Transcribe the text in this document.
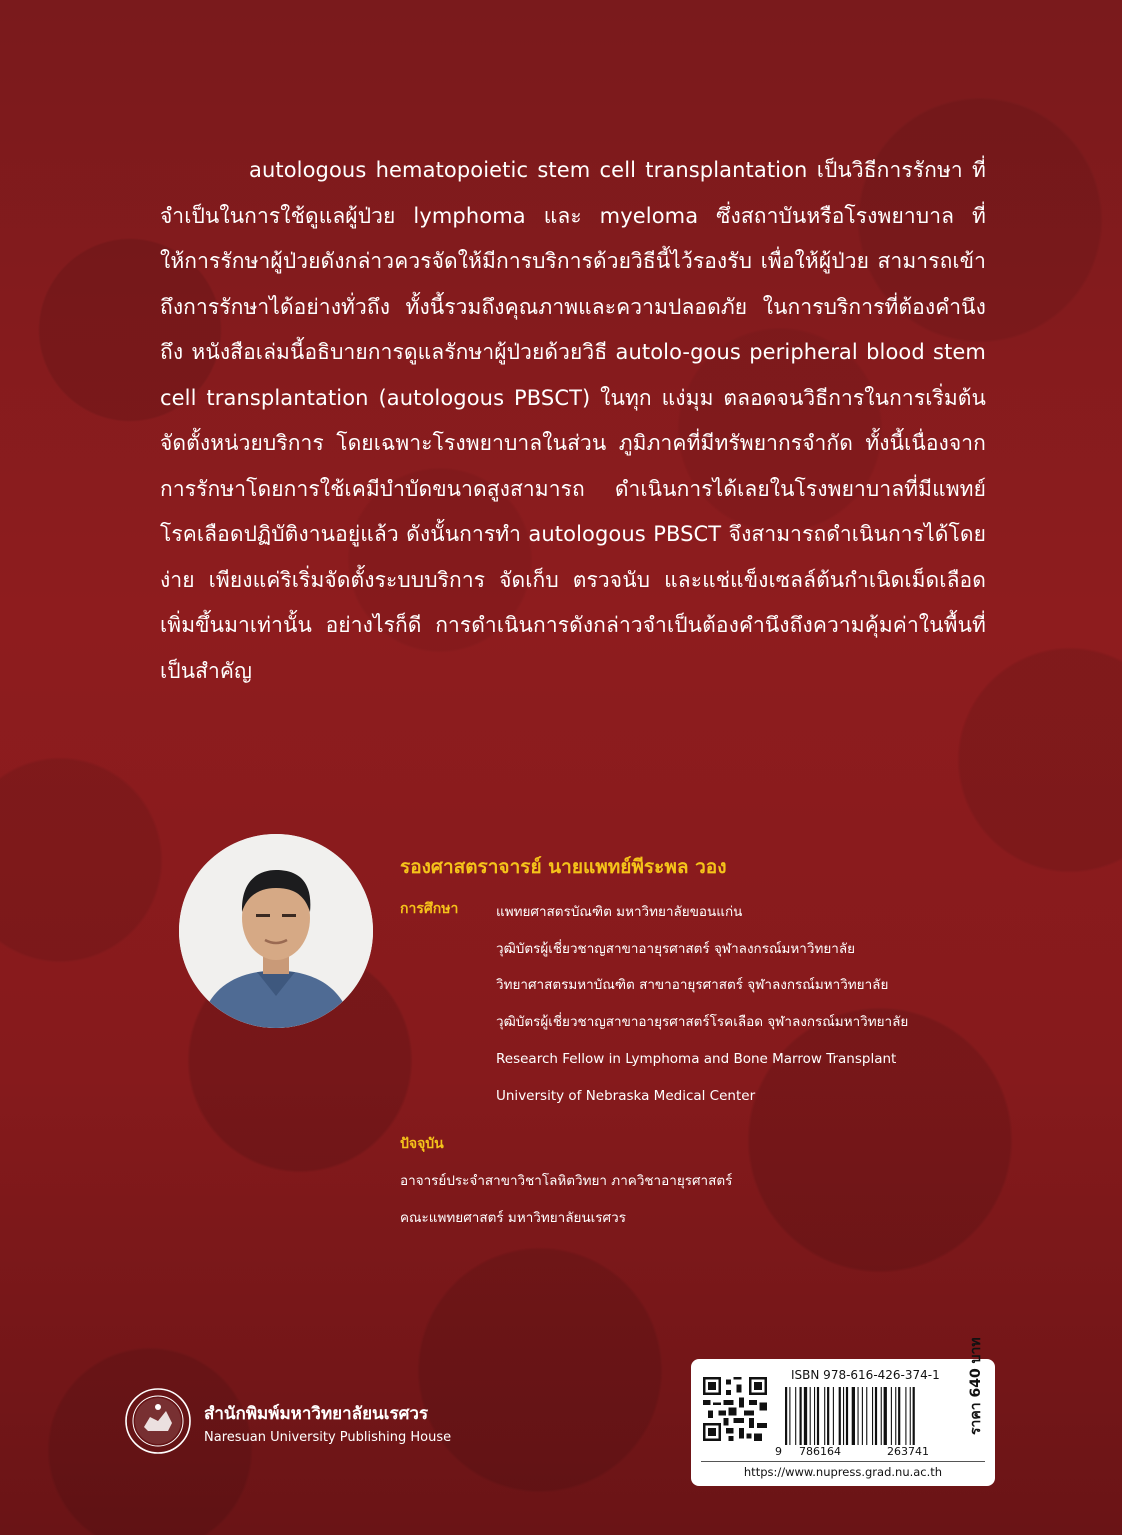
autologous hematopoietic stem cell transplantation เป็นวิธีการรักษา ที่จำเป็นในการใช้ดูแลผู้ป่วย lymphoma และ myeloma ซึ่งสถาบันหรือโรงพยาบาล ที่ให้การรักษาผู้ป่วยดังกล่าวควรจัดให้มีการบริการด้วยวิธีนี้ไว้รองรับ เพื่อให้ผู้ป่วย สามารถเข้าถึงการรักษาได้อย่างทั่วถึง ทั้งนี้รวมถึงคุณภาพและความปลอดภัย ในการบริการที่ต้องคำนึงถึง หนังสือเล่มนี้อธิบายการดูแลรักษาผู้ป่วยด้วยวิธี autolo-gous peripheral blood stem cell transplantation (autologous PBSCT) ในทุก แง่มุม ตลอดจนวิธีการในการเริ่มต้นจัดตั้งหน่วยบริการ โดยเฉพาะโรงพยาบาลในส่วน ภูมิภาคที่มีทรัพยากรจำกัด ทั้งนี้เนื่องจากการรักษาโดยการใช้เคมีบำบัดขนาดสูงสามารถ ดำเนินการได้เลยในโรงพยาบาลที่มีแพทย์โรคเลือดปฏิบัติงานอยู่แล้ว ดังนั้นการทำ autologous PBSCT จึงสามารถดำเนินการได้โดยง่าย เพียงแค่ริเริ่มจัดตั้งระบบบริการ จัดเก็บ ตรวจนับ และแช่แข็งเซลล์ต้นกำเนิดเม็ดเลือดเพิ่มขึ้นมาเท่านั้น อย่างไรก็ดี การดำเนินการดังกล่าวจำเป็นต้องคำนึงถึงความคุ้มค่าในพื้นที่เป็นสำคัญ
รองศาสตราจารย์ นายแพทย์พีระพล วอง
การศึกษา	แพทยศาสตรบัณฑิต มหาวิทยาลัยขอนแก่น
วุฒิบัตรผู้เชี่ยวชาญสาขาอายุรศาสตร์ จุฬาลงกรณ์มหาวิทยาลัย
วิทยาศาสตรมหาบัณฑิต สาขาอายุรศาสตร์ จุฬาลงกรณ์มหาวิทยาลัย
วุฒิบัตรผู้เชี่ยวชาญสาขาอายุรศาสตร์โรคเลือด จุฬาลงกรณ์มหาวิทยาลัย
Research Fellow in Lymphoma and Bone Marrow Transplant
University of Nebraska Medical Center
ปัจจุบัน
อาจารย์ประจำสาขาวิชาโลหิตวิทยา ภาควิชาอายุรศาสตร์
คณะแพทยศาสตร์ มหาวิทยาลัยนเรศวร
สำนักพิมพ์มหาวิทยาลัยนเรศวร
Naresuan University Publishing House
ISBN 978-616-426-374-1
9 786164	263741
ราคา 640 บาท
https://www.nupress.grad.nu.ac.th
